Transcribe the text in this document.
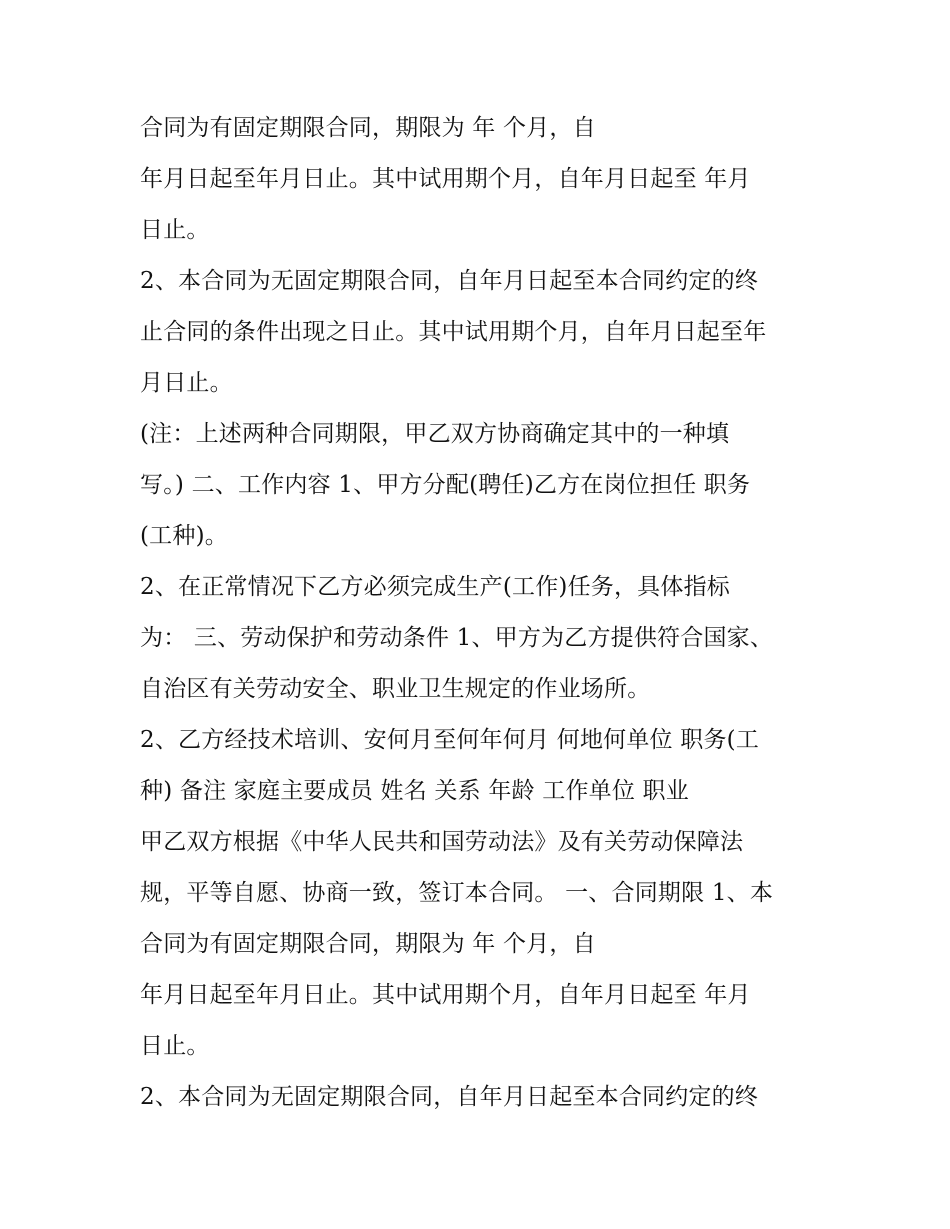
合同为有固定期限合同，期限为 年 个月，自
年月日起至年月日止。其中试用期个月，自年月日起至 年月
日止。
2、本合同为无固定期限合同，自年月日起至本合同约定的终
止合同的条件出现之日止。其中试用期个月，自年月日起至年
月日止。
(注：上述两种合同期限，甲乙双方协商确定其中的一种填
写。) 二、工作内容 1、甲方分配(聘任)乙方在岗位担任 职务
(工种)。
2、在正常情况下乙方必须完成生产(工作)任务，具体指标
为： 三、劳动保护和劳动条件 1、甲方为乙方提供符合国家、
自治区有关劳动安全、职业卫生规定的作业场所。
2、乙方经技术培训、安何月至何年何月 何地何单位 职务(工
种) 备注 家庭主要成员 姓名 关系 年龄 工作单位 职业
甲乙双方根据《中华人民共和国劳动法》及有关劳动保障法
规，平等自愿、协商一致，签订本合同。 一、合同期限 1、本
合同为有固定期限合同，期限为 年 个月，自
年月日起至年月日止。其中试用期个月，自年月日起至 年月
日止。
2、本合同为无固定期限合同，自年月日起至本合同约定的终
